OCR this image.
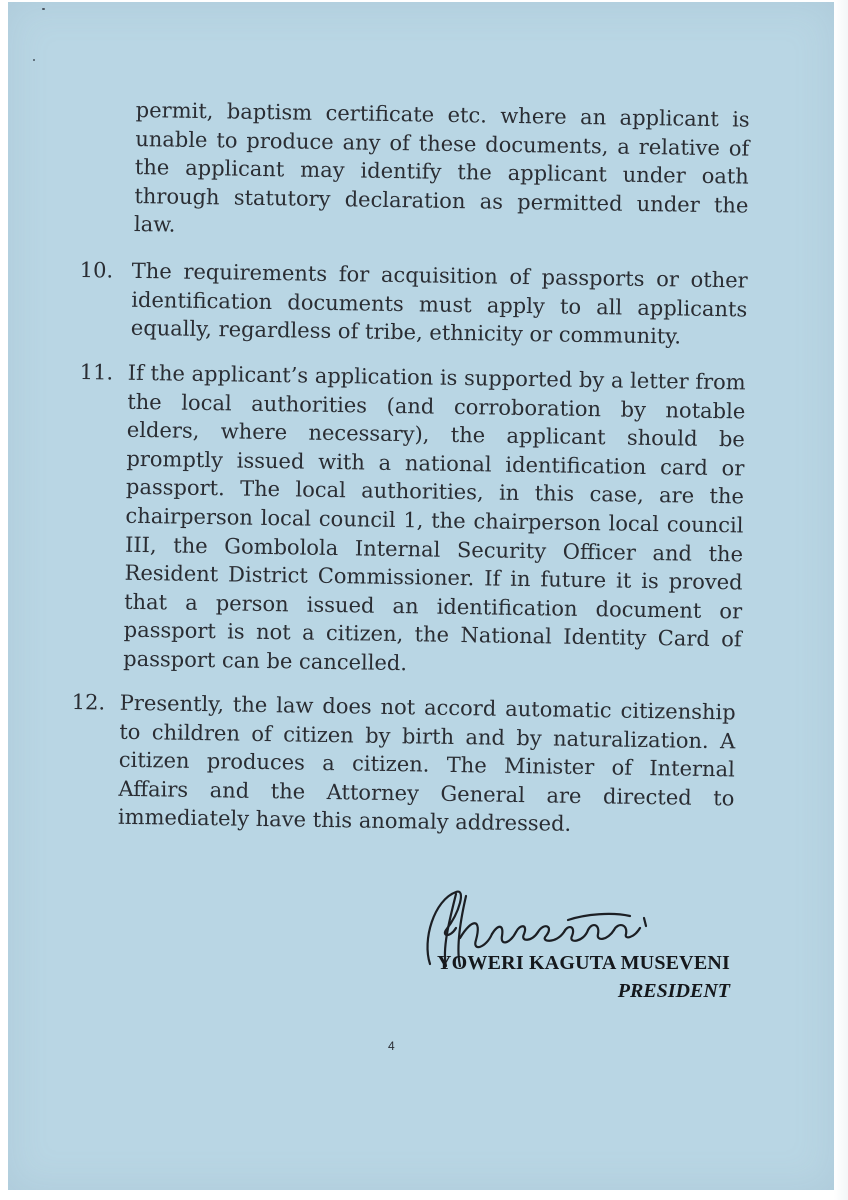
permit, baptism certificate etc. where an applicant is unable to produce any of these documents, a relative of the applicant may identify the applicant under oath through statutory declaration as permitted under the law.
10. The requirements for acquisition of passports or other identification documents must apply to all applicants equally, regardless of tribe, ethnicity or community.
11. If the applicant’s application is supported by a letter from the local authorities (and corroboration by notable elders, where necessary), the applicant should be promptly issued with a national identification card or passport. The local authorities, in this case, are the chairperson local council 1, the chairperson local council III, the Gombolola Internal Security Officer and the Resident District Commissioner. If in future it is proved that a person issued an identification document or passport is not a citizen, the National Identity Card of passport can be cancelled.
12. Presently, the law does not accord automatic citizenship to children of citizen by birth and by naturalization. A citizen produces a citizen. The Minister of Internal Affairs and the Attorney General are directed to immediately have this anomaly addressed.
YOWERI KAGUTA MUSEVENI
PRESIDENT
4
